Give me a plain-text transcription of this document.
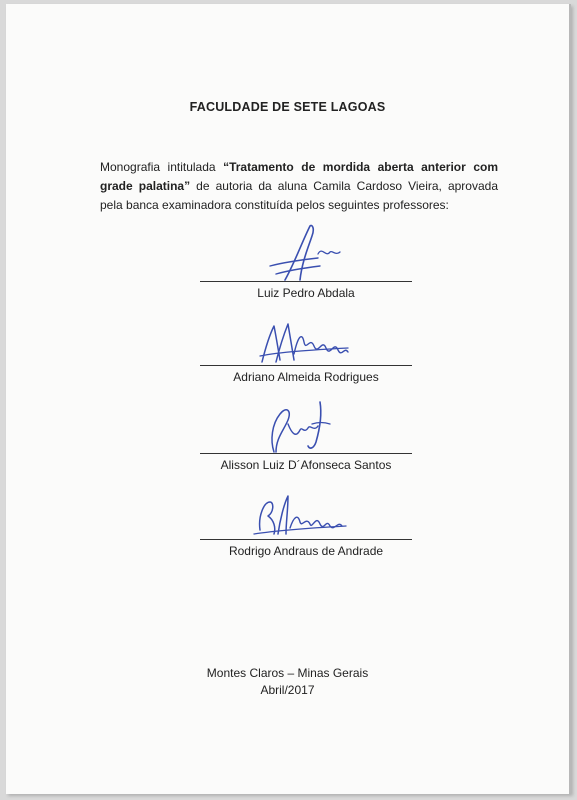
FACULDADE DE SETE LAGOAS
Monografia intitulada “Tratamento de mordida aberta anterior com grade palatina” de autoria da aluna Camila Cardoso Vieira, aprovada pela banca examinadora constituída pelos seguintes professores:
Luiz Pedro Abdala
Adriano Almeida Rodrigues
Alisson Luiz D´Afonseca Santos
Rodrigo Andraus de Andrade
Montes Claros – Minas Gerais
Abril/2017
